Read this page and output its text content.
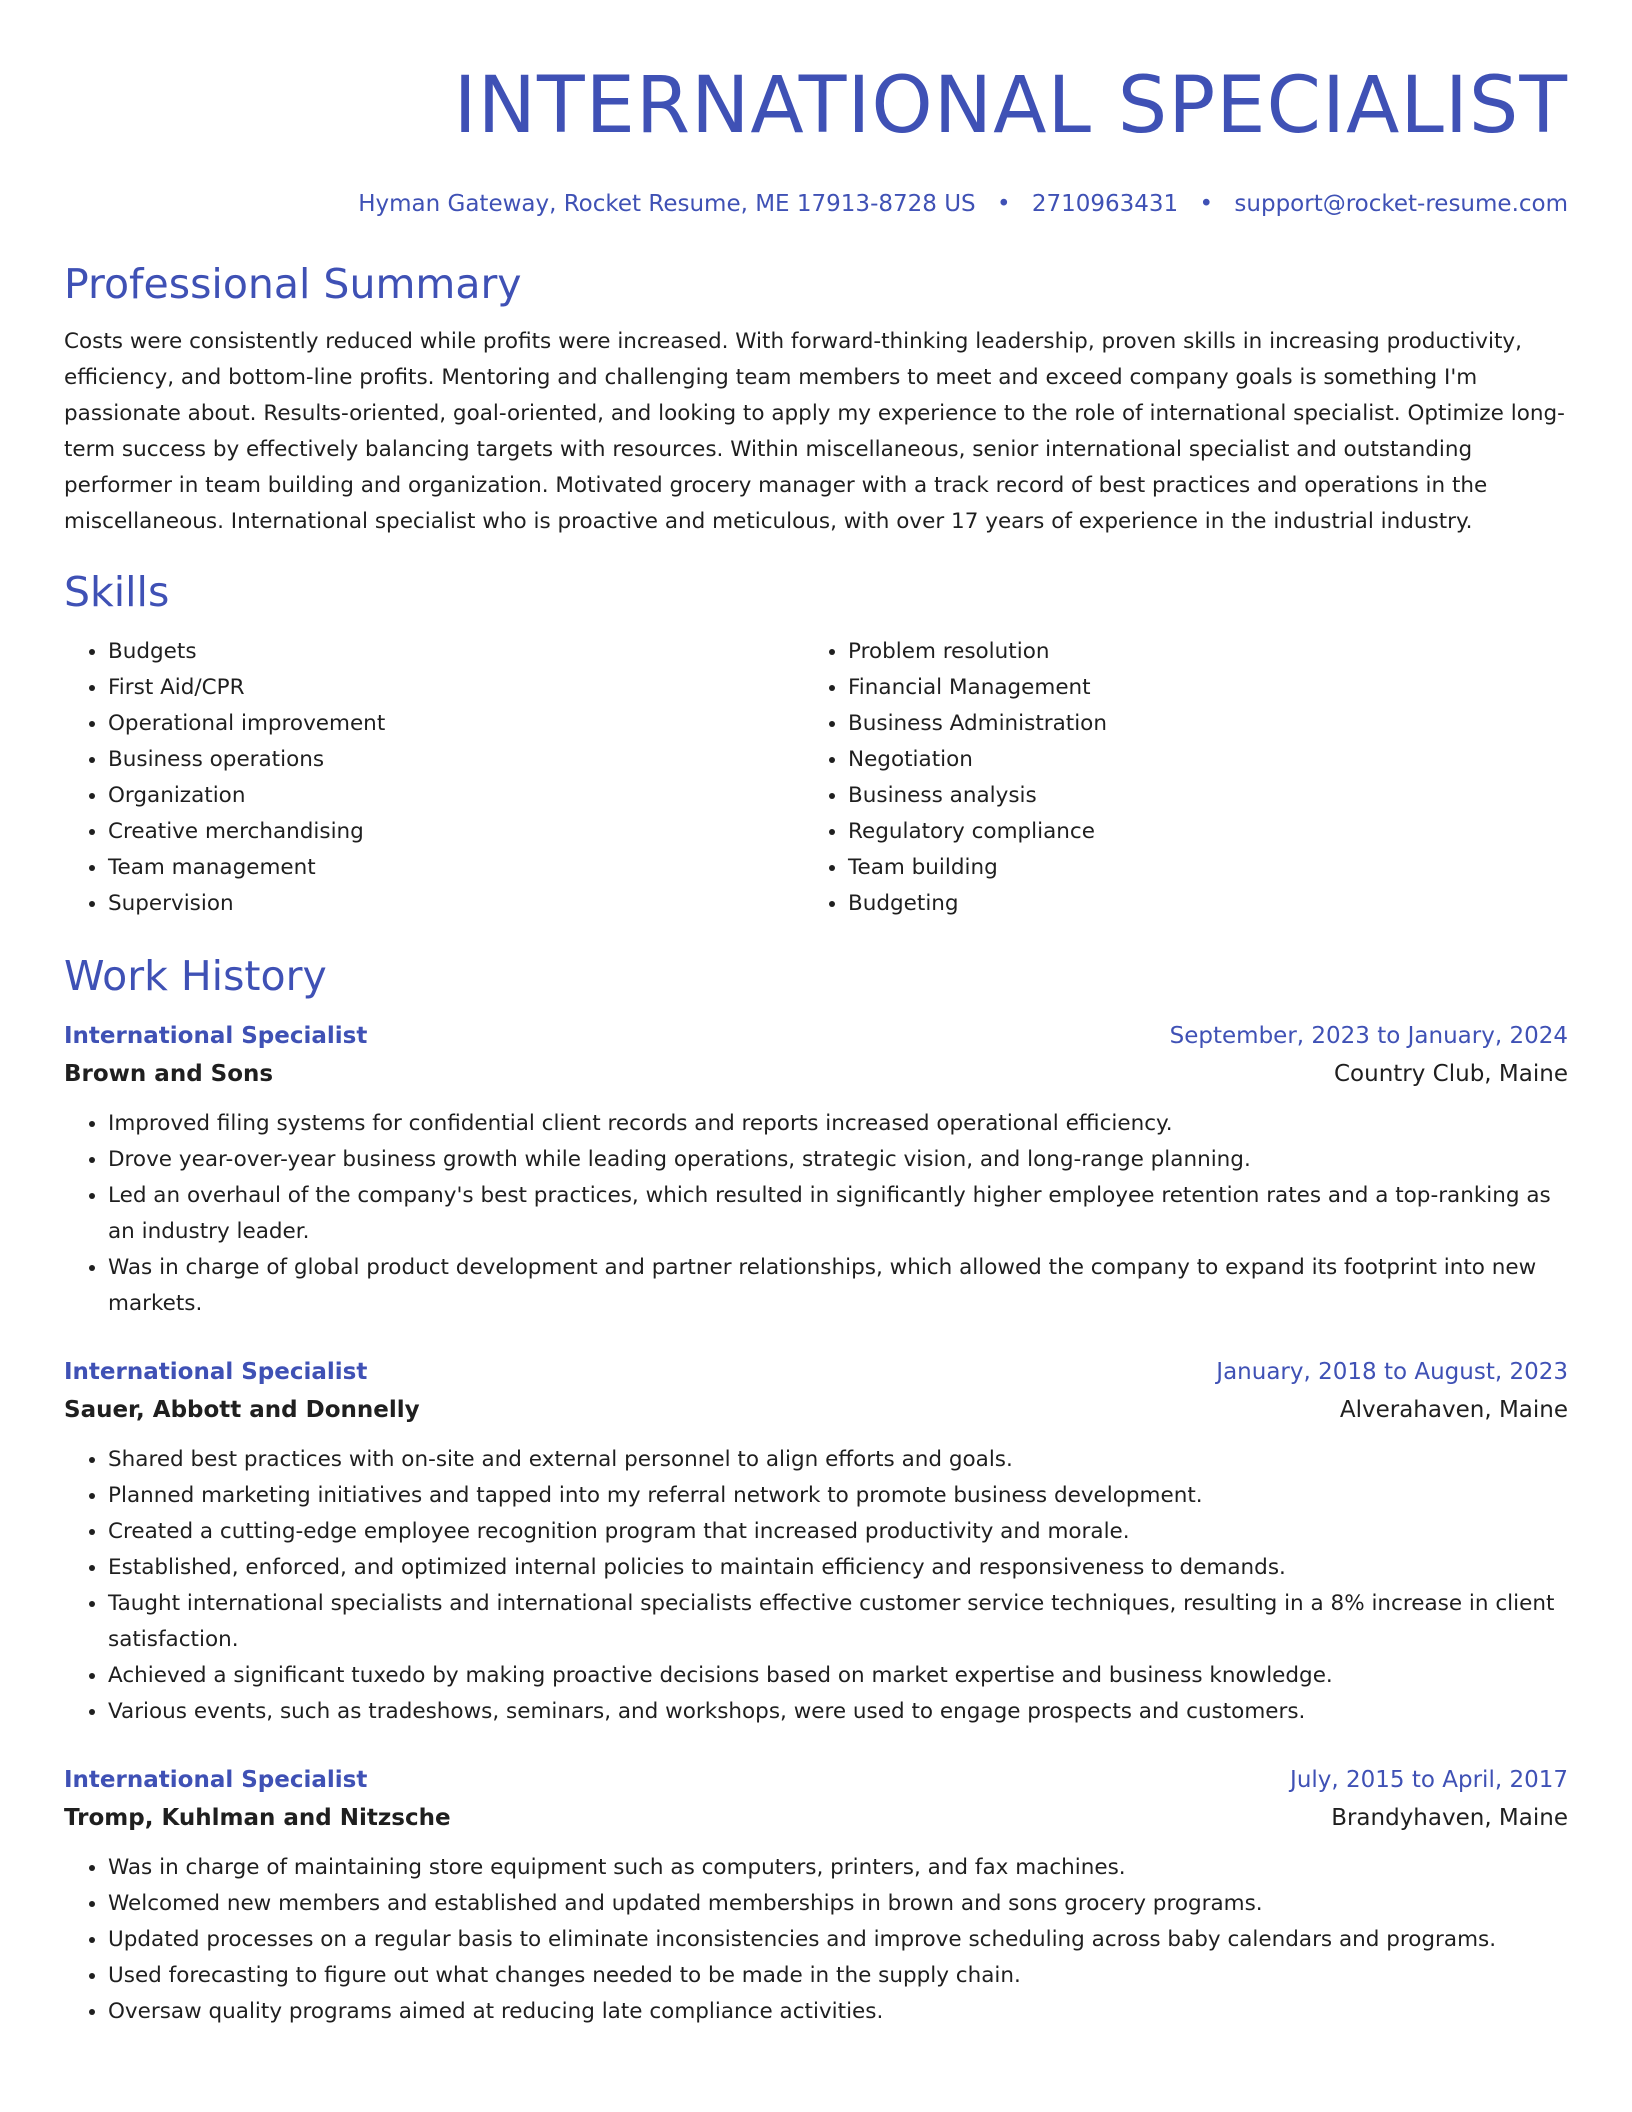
INTERNATIONAL SPECIALIST
Hyman Gateway, Rocket Resume, ME 17913-8728 US • 2710963431 • support@rocket-resume.com
Professional Summary
Costs were consistently reduced while profits were increased. With forward-thinking leadership, proven skills in increasing productivity, efficiency, and bottom-line profits. Mentoring and challenging team members to meet and exceed company goals is something I'm passionate about. Results-oriented, goal-oriented, and looking to apply my experience to the role of international specialist. Optimize long-term success by effectively balancing targets with resources. Within miscellaneous, senior international specialist and outstanding performer in team building and organization. Motivated grocery manager with a track record of best practices and operations in the miscellaneous. International specialist who is proactive and meticulous, with over 17 years of experience in the industrial industry.
Skills
• Budgets
• First Aid/CPR
• Operational improvement
• Business operations
• Organization
• Creative merchandising
• Team management
• Supervision
• Problem resolution
• Financial Management
• Business Administration
• Negotiation
• Business analysis
• Regulatory compliance
• Team building
• Budgeting
Work History
International Specialist	September, 2023 to January, 2024
Brown and Sons	Country Club, Maine
• Improved filing systems for confidential client records and reports increased operational efficiency.
• Drove year-over-year business growth while leading operations, strategic vision, and long-range planning.
• Led an overhaul of the company's best practices, which resulted in significantly higher employee retention rates and a top-ranking as an industry leader.
• Was in charge of global product development and partner relationships, which allowed the company to expand its footprint into new markets.
International Specialist	January, 2018 to August, 2023
Sauer, Abbott and Donnelly	Alverahaven, Maine
• Shared best practices with on-site and external personnel to align efforts and goals.
• Planned marketing initiatives and tapped into my referral network to promote business development.
• Created a cutting-edge employee recognition program that increased productivity and morale.
• Established, enforced, and optimized internal policies to maintain efficiency and responsiveness to demands.
• Taught international specialists and international specialists effective customer service techniques, resulting in a 8% increase in client satisfaction.
• Achieved a significant tuxedo by making proactive decisions based on market expertise and business knowledge.
• Various events, such as tradeshows, seminars, and workshops, were used to engage prospects and customers.
International Specialist	July, 2015 to April, 2017
Tromp, Kuhlman and Nitzsche	Brandyhaven, Maine
• Was in charge of maintaining store equipment such as computers, printers, and fax machines.
• Welcomed new members and established and updated memberships in brown and sons grocery programs.
• Updated processes on a regular basis to eliminate inconsistencies and improve scheduling across baby calendars and programs.
• Used forecasting to figure out what changes needed to be made in the supply chain.
• Oversaw quality programs aimed at reducing late compliance activities.
